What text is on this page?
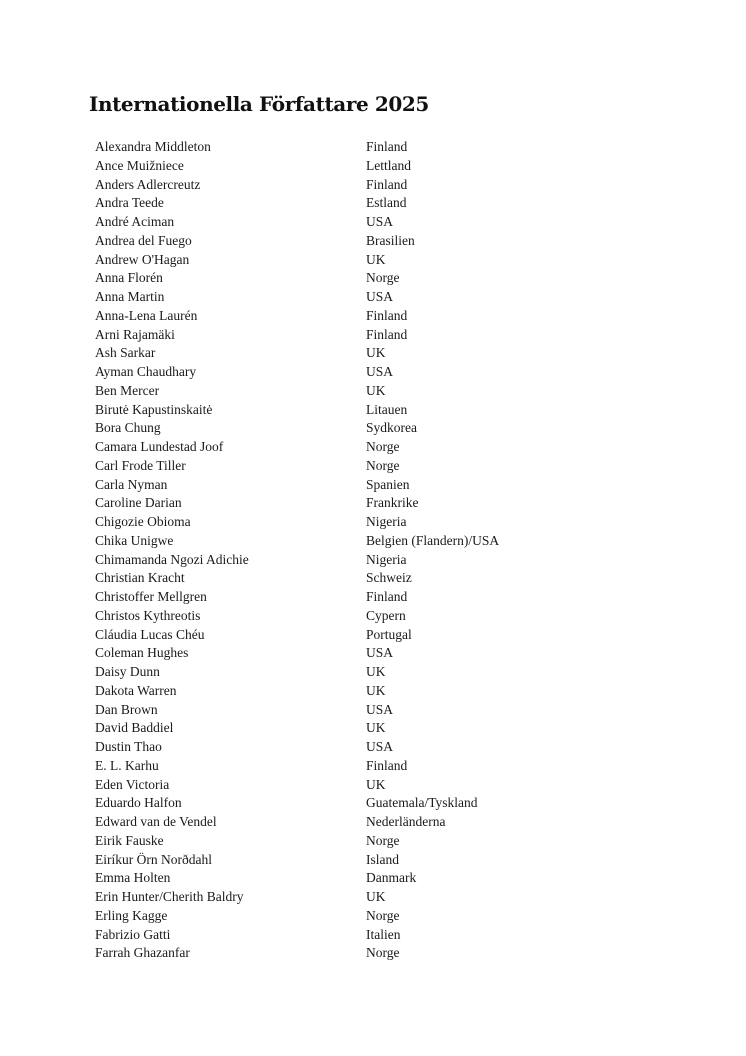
Internationella Författare 2025
Alexandra Middleton	Finland
Ance Muižniece	Lettland
Anders Adlercreutz	Finland
Andra Teede	Estland
André Aciman	USA
Andrea del Fuego	Brasilien
Andrew O'Hagan	UK
Anna Florén	Norge
Anna Martin	USA
Anna-Lena Laurén	Finland
Arni Rajamäki	Finland
Ash Sarkar	UK
Ayman Chaudhary	USA
Ben Mercer	UK
Birutė Kapustinskaitė	Litauen
Bora Chung	Sydkorea
Camara Lundestad Joof	Norge
Carl Frode Tiller	Norge
Carla Nyman	Spanien
Caroline Darian	Frankrike
Chigozie Obioma	Nigeria
Chika Unigwe	Belgien (Flandern)/USA
Chimamanda Ngozi Adichie	Nigeria
Christian Kracht	Schweiz
Christoffer Mellgren	Finland
Christos Kythreotis	Cypern
Cláudia Lucas Chéu	Portugal
Coleman Hughes	USA
Daisy Dunn	UK
Dakota Warren	UK
Dan Brown	USA
David Baddiel	UK
Dustin Thao	USA
E. L. Karhu	Finland
Eden Victoria	UK
Eduardo Halfon	Guatemala/Tyskland
Edward van de Vendel	Nederländerna
Eirik Fauske	Norge
Eiríkur Örn Norðdahl	Island
Emma Holten	Danmark
Erin Hunter/Cherith Baldry	UK
Erling Kagge	Norge
Fabrizio Gatti	Italien
Farrah Ghazanfar	Norge
